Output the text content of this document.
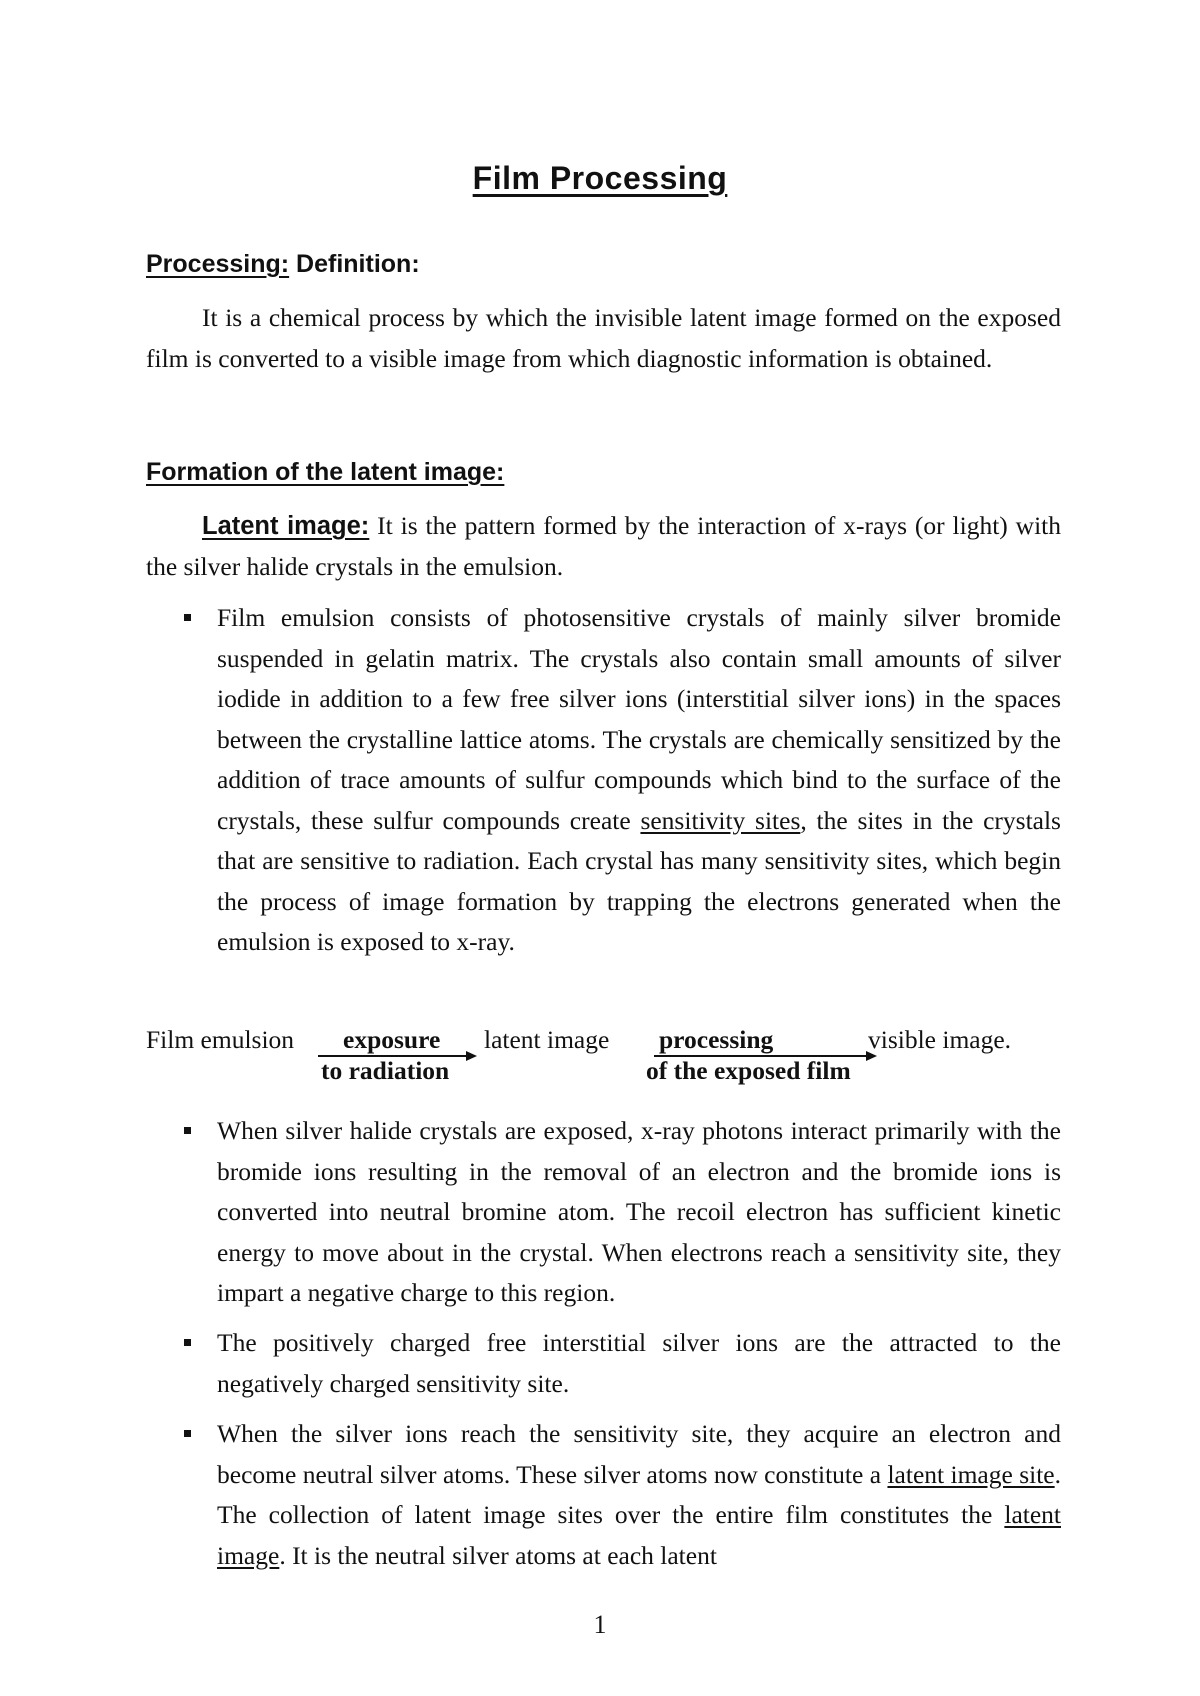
Film Processing

Processing: Definition:

It is a chemical process by which the invisible latent image formed on the exposed film is converted to a visible image from which diagnostic information is obtained.

Formation of the latent image:

Latent image: It is the pattern formed by the interaction of x-rays (or light) with the silver halide crystals in the emulsion.

Film emulsion consists of photosensitive crystals of mainly silver bromide suspended in gelatin matrix. The crystals also contain small amounts of silver iodide in addition to a few free silver ions (interstitial silver ions) in the spaces between the crystalline lattice atoms. The crystals are chemically sensitized by the addition of trace amounts of sulfur compounds which bind to the surface of the crystals, these sulfur compounds create sensitivity sites, the sites in the crystals that are sensitive to radiation. Each crystal has many sensitivity sites, which begin the process of image formation by trapping the electrons generated when the emulsion is exposed to x-ray.
Film emulsion exposure
to radiation
latent image processing
of the exposed film
visible image.
When silver halide crystals are exposed, x-ray photons interact primarily with the bromide ions resulting in the removal of an electron and the bromide ions is converted into neutral bromine atom. The recoil electron has sufficient kinetic energy to move about in the crystal. When electrons reach a sensitivity site, they impart a negative charge to this region.
The positively charged free interstitial silver ions are the attracted to the negatively charged sensitivity site.
When the silver ions reach the sensitivity site, they acquire an electron and become neutral silver atoms. These silver atoms now constitute a latent image site. The collection of latent image sites over the entire film constitutes the latent image. It is the neutral silver atoms at each latent
1
